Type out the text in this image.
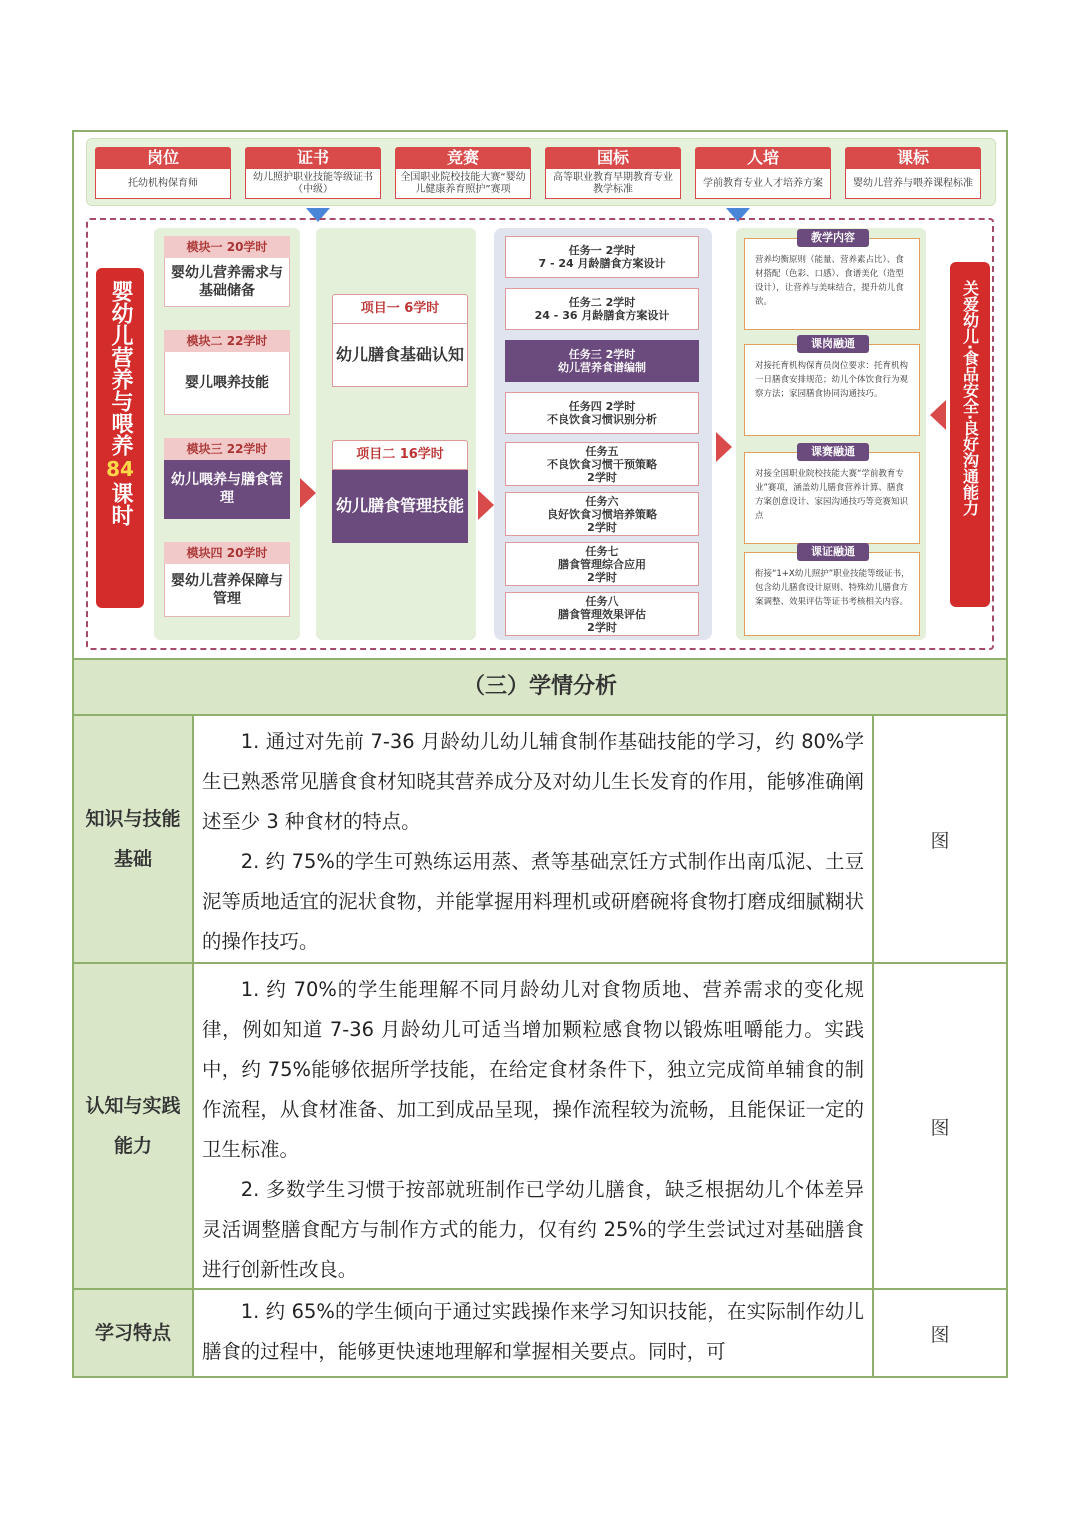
岗位
托幼机构保育师
证书
幼儿照护职业技能等级证书（中级）
竞赛
全国职业院校技能大赛“婴幼儿健康养育照护”赛项
国标
高等职业教育早期教育专业教学标准
人培
学前教育专业人才培养方案
课标
婴幼儿营养与喂养课程标准
婴幼儿营养与喂养
84
课时
模块一 20学时
婴幼儿营养需求与基础储备
模块二 22学时
婴儿喂养技能
模块三 22学时
幼儿喂养与膳食管理
模块四 20学时
婴幼儿营养保障与管理
项目一 6学时
幼儿膳食基础认知
项目二 16学时
幼儿膳食管理技能
任务一 2学时
7 - 24 月龄膳食方案设计
任务二 2学时
24 - 36 月龄膳食方案设计
任务三 2学时
幼儿营养食谱编制
任务四 2学时
不良饮食习惯识别分析
任务五
不良饮食习惯干预策略
2学时
任务六
良好饮食习惯培养策略
2学时
任务七
膳食管理综合应用
2学时
任务八
膳食管理效果评估
2学时
教学内容
营养均衡原则（能量、营养素占比）、食材搭配（色彩、口感）、食谱美化（造型设计），让营养与美味结合，提升幼儿食欲。
课岗融通
对接托育机构保育员岗位要求：托育机构一日膳食安排规范；幼儿个体饮食行为观察方法；家园膳食协同沟通技巧。
课赛融通
对接全国职业院校技能大赛“学前教育专业”赛项，涵盖幼儿膳食营养计算、膳食方案创意设计、家园沟通技巧等竞赛知识点
课证融通
衔接“1+X幼儿照护”职业技能等级证书，包含幼儿膳食设计原则、特殊幼儿膳食方案调整、效果评估等证书考核相关内容。
关爱幼儿·食品安全·良好沟通能力
（三）学情分析
知识与技能基础

1. 通过对先前 7-36 月龄幼儿幼儿辅食制作基础技能的学习，约 80%学生已熟悉常见膳食食材知晓其营养成分及对幼儿生长发育的作用，能够准确阐述至少 3 种食材的特点。

2. 约 75%的学生可熟练运用蒸、煮等基础烹饪方式制作出南瓜泥、土豆泥等质地适宜的泥状食物，并能掌握用料理机或研磨碗将食物打磨成细腻糊状的操作技巧。

图
认知与实践能力

1. 约 70%的学生能理解不同月龄幼儿对食物质地、营养需求的变化规律，例如知道 7-36 月龄幼儿可适当增加颗粒感食物以锻炼咀嚼能力。实践中，约 75%能够依据所学技能，在给定食材条件下，独立完成简单辅食的制作流程，从食材准备、加工到成品呈现，操作流程较为流畅，且能保证一定的卫生标准。

2. 多数学生习惯于按部就班制作已学幼儿膳食，缺乏根据幼儿个体差异灵活调整膳食配方与制作方式的能力，仅有约 25%的学生尝试过对基础膳食进行创新性改良。

图
学习特点

1. 约 65%的学生倾向于通过实践操作来学习知识技能，在实际制作幼儿膳食的过程中，能够更快速地理解和掌握相关要点。同时，可

图
